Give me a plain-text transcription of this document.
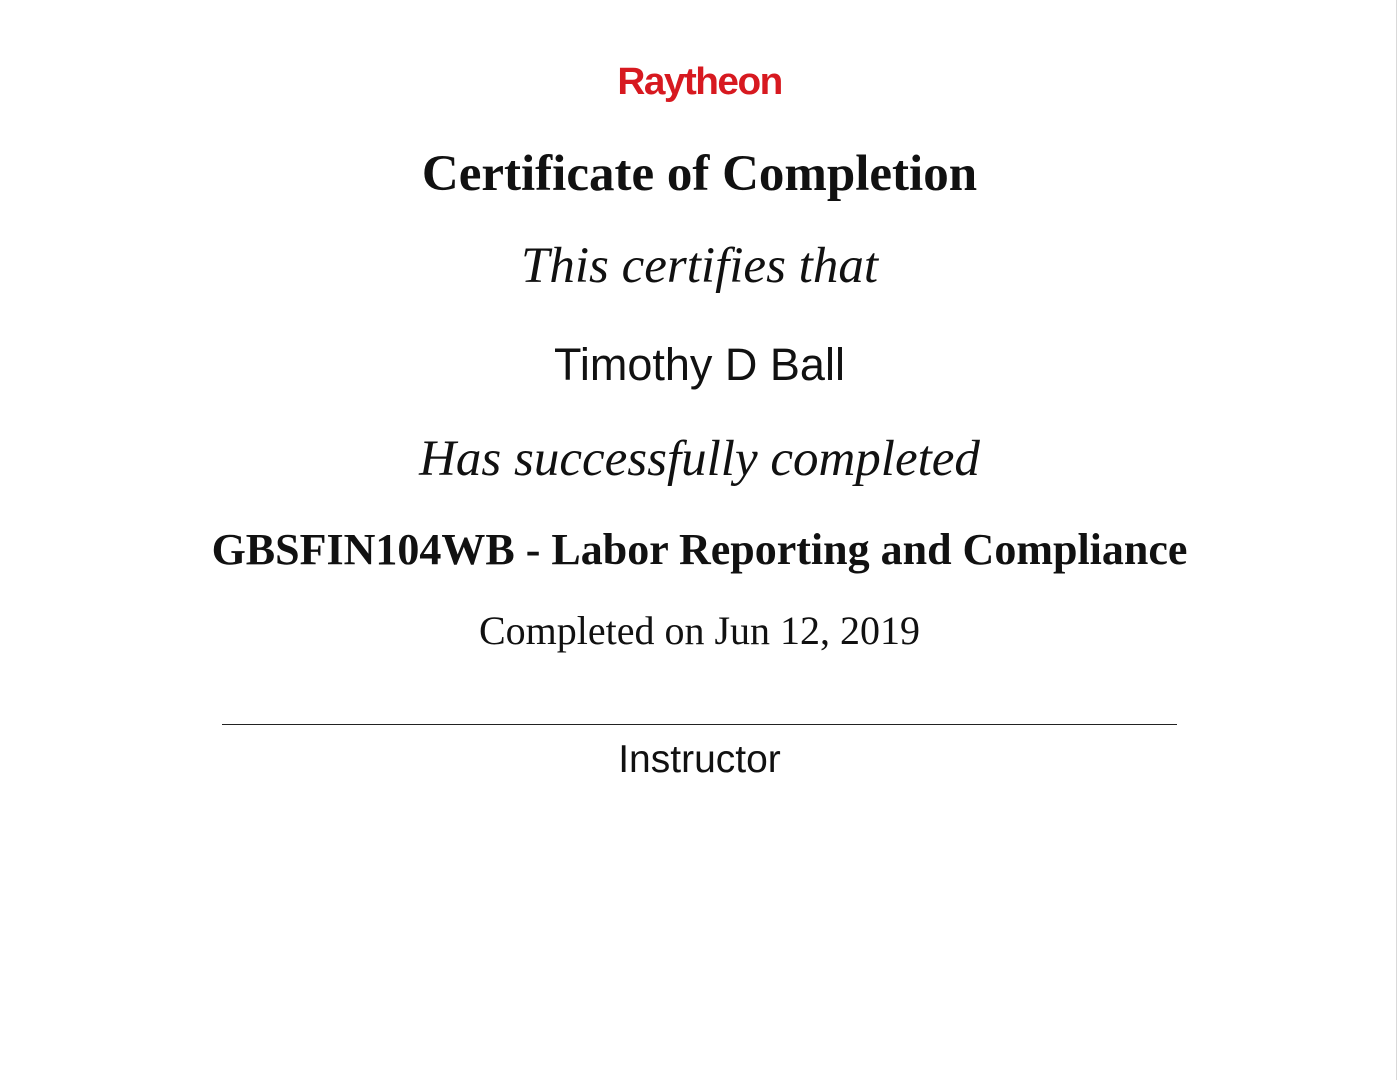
Raytheon
Certificate of Completion
This certifies that
Timothy D Ball
Has successfully completed
GBSFIN104WB - Labor Reporting and Compliance
Completed on Jun 12, 2019
Instructor
